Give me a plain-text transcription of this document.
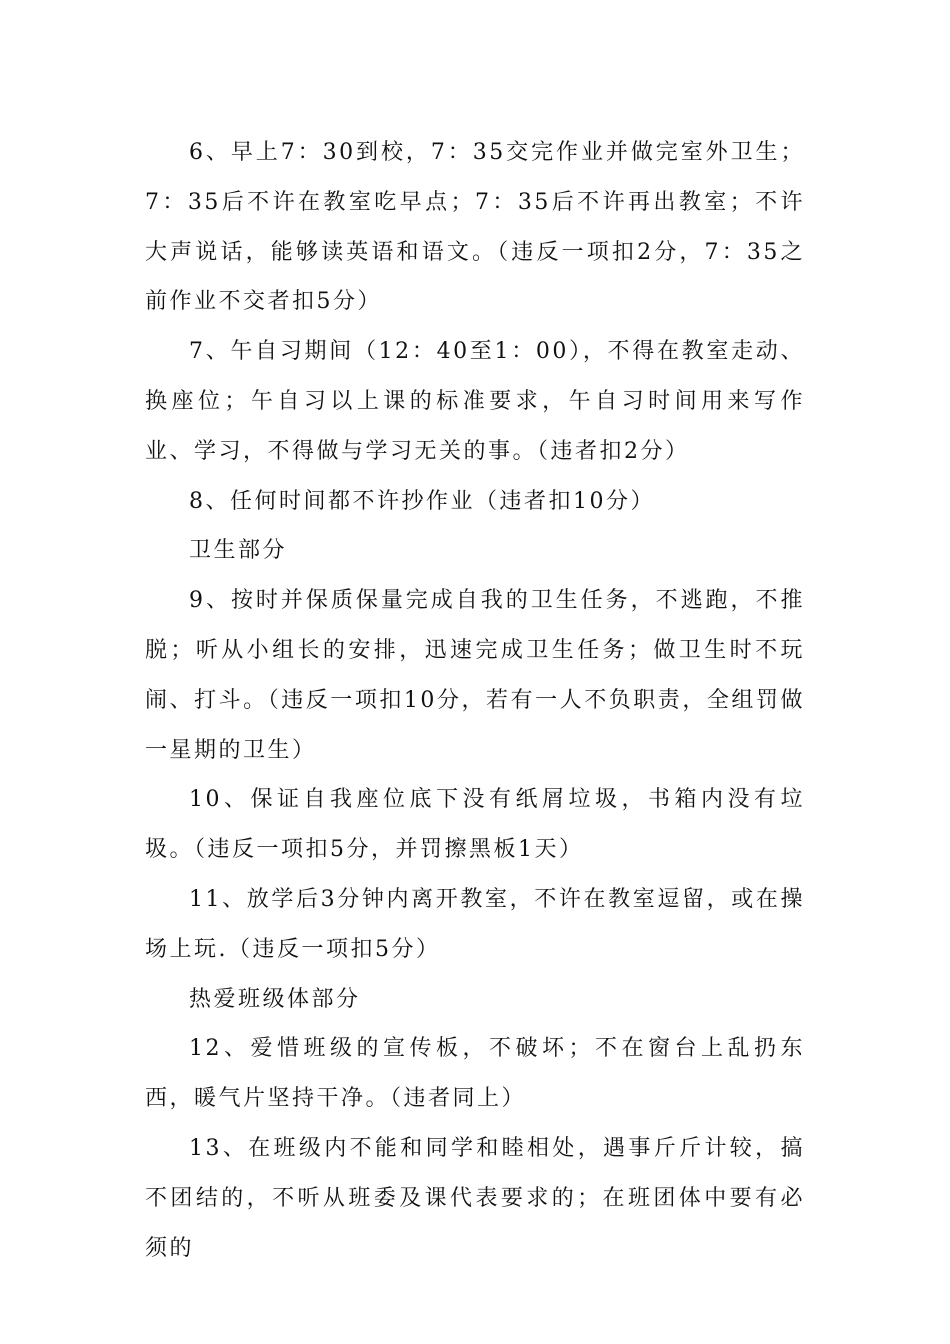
6、早上7：30到校，7：35交完作业并做完室外卫生；7：35后不许在教室吃早点；7：35后不许再出教室；不许大声说话，能够读英语和语文。（违反一项扣2分，7：35之前作业不交者扣5分）

7、午自习期间（12：40至1：00），不得在教室走动、换座位；午自习以上课的标准要求，午自习时间用来写作业、学习，不得做与学习无关的事。（违者扣2分）

8、任何时间都不许抄作业（违者扣10分）

卫生部分

9、按时并保质保量完成自我的卫生任务，不逃跑，不推脱；听从小组长的安排，迅速完成卫生任务；做卫生时不玩闹、打斗。（违反一项扣10分，若有一人不负职责，全组罚做一星期的卫生）

10、保证自我座位底下没有纸屑垃圾，书箱内没有垃圾。（违反一项扣5分，并罚擦黑板1天）

11、放学后3分钟内离开教室，不许在教室逗留，或在操场上玩.（违反一项扣5分）

热爱班级体部分

12、爱惜班级的宣传板，不破坏；不在窗台上乱扔东西，暖气片坚持干净。（违者同上）

13、在班级内不能和同学和睦相处，遇事斤斤计较，搞不团结的，不听从班委及课代表要求的；在班团体中要有必须的
